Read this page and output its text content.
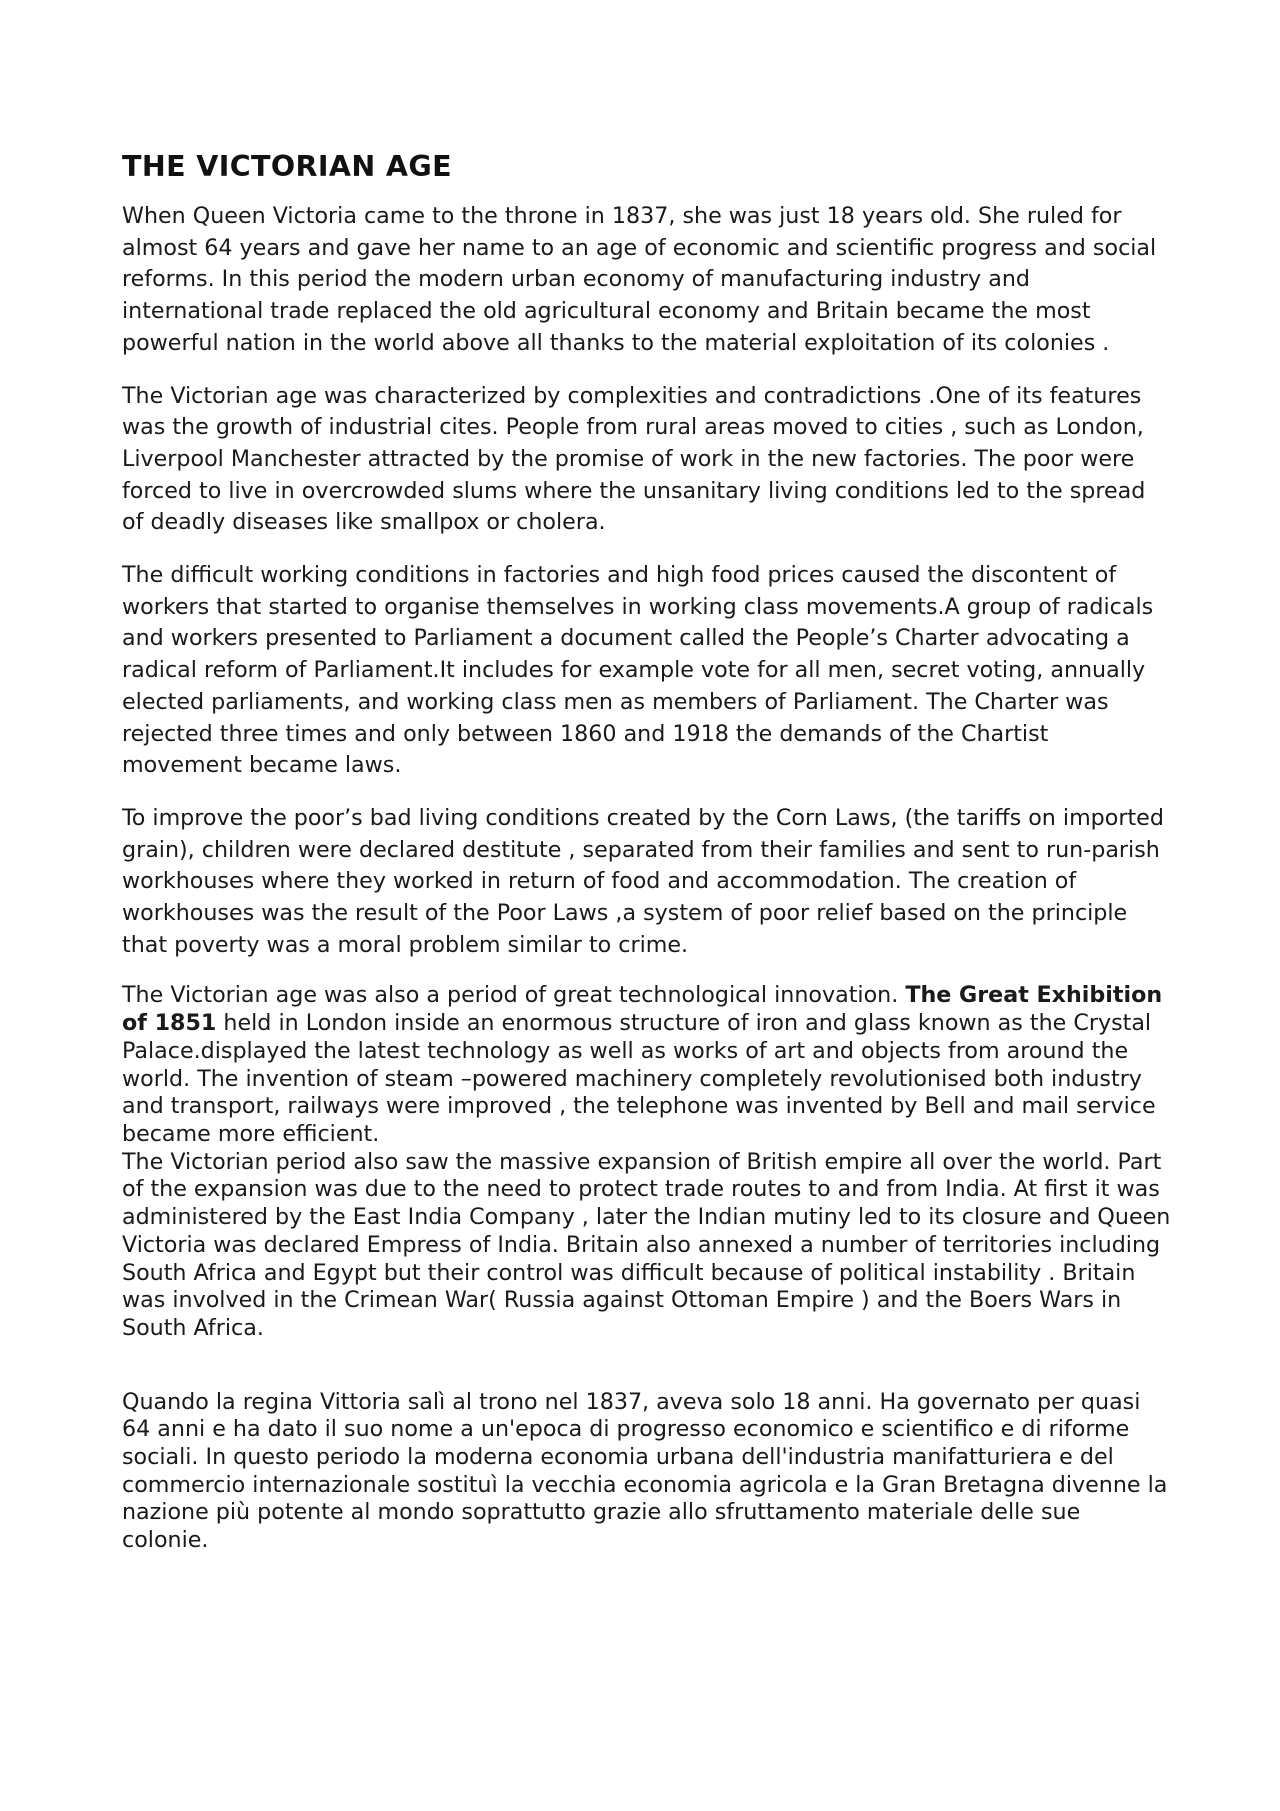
THE VICTORIAN AGE

When Queen Victoria came to the throne in 1837, she was just 18 years old. She ruled for almost 64 years and gave her name to an age of economic and scientific progress and social reforms. In this period the modern urban economy of manufacturing industry and international trade replaced the old agricultural economy and Britain became the most powerful nation in the world above all thanks to the material exploitation of its colonies .

The Victorian age was characterized by complexities and contradictions .One of its features was the growth of industrial cites. People from rural areas moved to cities , such as London, Liverpool Manchester attracted by the promise of work in the new factories. The poor were forced to live in overcrowded slums where the unsanitary living conditions led to the spread of deadly diseases like smallpox or cholera.

The difficult working conditions in factories and high food prices caused the discontent of workers that started to organise themselves in working class movements.A group of radicals and workers presented to Parliament a document called the People’s Charter advocating a radical reform of Parliament.It includes for example vote for all men, secret voting, annually elected parliaments, and working class men as members of Parliament. The Charter was rejected three times and only between 1860 and 1918 the demands of the Chartist movement became laws.

To improve the poor’s bad living conditions created by the Corn Laws, (the tariffs on imported grain), children were declared destitute , separated from their families and sent to run-parish workhouses where they worked in return of food and accommodation. The creation of workhouses was the result of the Poor Laws ,a system of poor relief based on the principle that poverty was a moral problem similar to crime.

The Victorian age was also a period of great technological innovation. The Great Exhibition of 1851 held in London inside an enormous structure of iron and glass known as the Crystal Palace.displayed the latest technology as well as works of art and objects from around the world. The invention of steam –powered machinery completely revolutionised both industry and transport, railways were improved , the telephone was invented by Bell and mail service became more efficient.

The Victorian period also saw the massive expansion of British empire all over the world. Part of the expansion was due to the need to protect trade routes to and from India. At first it was administered by the East India Company , later the Indian mutiny led to its closure and Queen Victoria was declared Empress of India. Britain also annexed a number of territories including South Africa and Egypt but their control was difficult because of political instability . Britain was involved in the Crimean War( Russia against Ottoman Empire ) and the Boers Wars in South Africa.

Quando la regina Vittoria salì al trono nel 1837, aveva solo 18 anni. Ha governato per quasi 64 anni e ha dato il suo nome a un'epoca di progresso economico e scientifico e di riforme sociali. In questo periodo la moderna economia urbana dell'industria manifatturiera e del commercio internazionale sostituì la vecchia economia agricola e la Gran Bretagna divenne la nazione più potente al mondo soprattutto grazie allo sfruttamento materiale delle sue colonie.
